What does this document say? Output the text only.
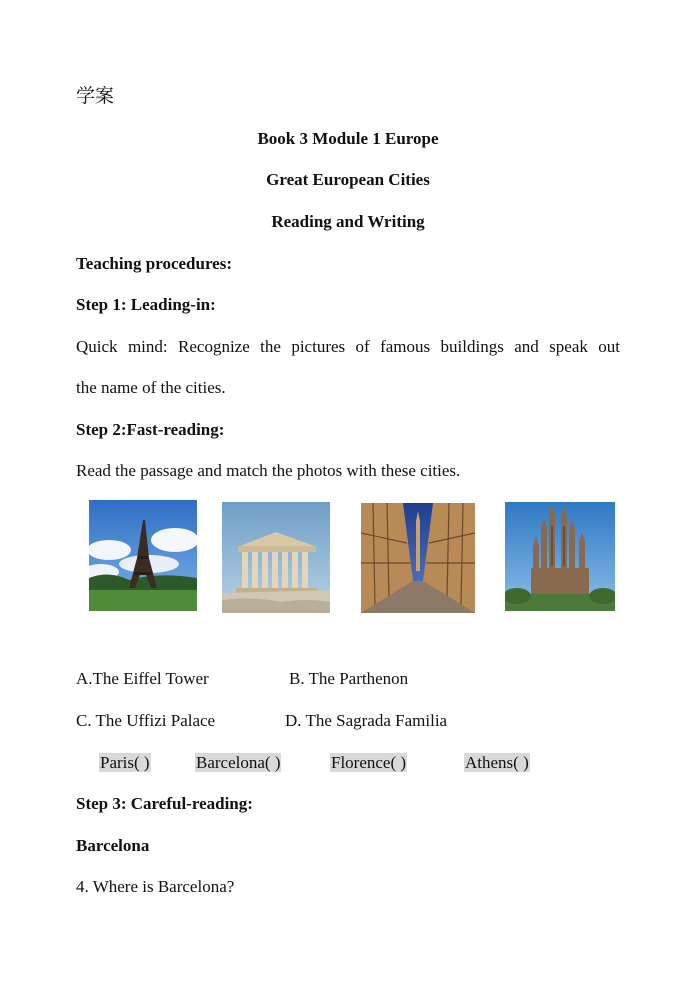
学案
Book 3 Module 1 Europe
Great European Cities
Reading and Writing
Teaching procedures:
Step 1: Leading-in:
Quick mind: Recognize the pictures of famous buildings and speak out
the name of the cities.
Step 2:Fast-reading:
Read the passage and match the photos with these cities.
A.The Eiffel Tower	B. The Parthenon
C. The Uffizi Palace	D. The Sagrada Familia
Paris( )	Barcelona( )	Florence( )	Athens( )
Step 3: Careful-reading:
Barcelona
4. Where is Barcelona?
